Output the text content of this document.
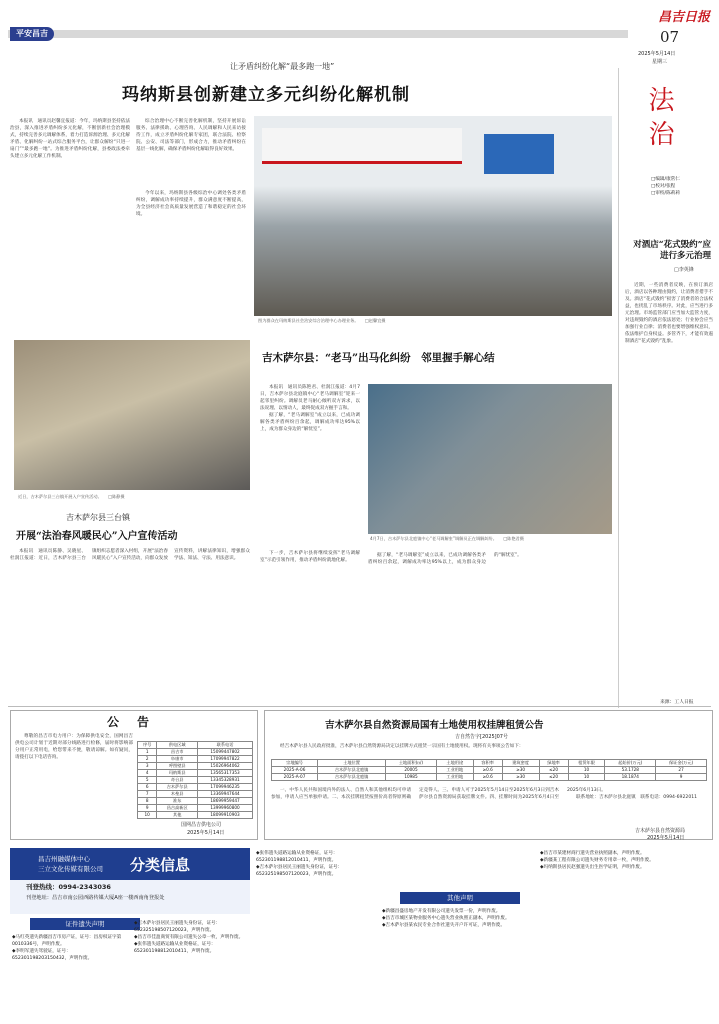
平安昌吉
昌吉日报
07
2025年5月14日
星期三
让矛盾纠纷化解“最多跑一地”
玛纳斯县创新建立多元纠纷化解机制

本报讯　通讯员赵馨宜报道：今年，玛纳斯县坚持依法治县，深入推进矛盾纠纷多元化解，不断创新社会治理模式，持续完善多元调解体系，着力打造诉源治理、多元化解矛盾、化解纠纷一站式综合服务平台，让群众解纷“只进一扇门”“最多跑一地”。为推进矛盾纠纷化解，县委政法委牵头建立多元化解工作机制。

综合治理中心不断完善化解机制，坚持开展诉讼服务、法律援助、心理咨询、人民调解和人民来访接待工作，成立矛盾纠纷化解专家团，联合法院、检察院、公安、司法等部门，形成合力，推动矛盾纠纷在基层一线化解，确保矛盾纠纷化解取得良好效果。

今年以来，玛纳斯县各级综治中心调处各类矛盾纠纷，调解成功率持续提升，群众满意度不断提高，为全县经济社会高质量发展营造了和谐稳定的社会环境。

图为群众在玛纳斯县社会治安综合治理中心办理业务。　　□赵馨宜摄
法治
□编辑/康常仁
□校对/张程
□审校/陈莉莉
对酒店“花式毁约”应进行多元治理
□李英锋

近期，一些消费者反映，在预订酒店后，酒店以各种理由毁约，让消费者措手不及。酒店“花式毁约”损害了消费者的合法权益，也扰乱了市场秩序。对此，应当进行多元治理。市场监管部门应当加大监管力度，对违规毁约的酒店依法惩处；行业协会应当加强行业自律；消费者也要增强维权意识，依法维护自身权益。多管齐下，才能有效遏制酒店“花式毁约”乱象。

近日，吉木萨尔县三台镇开展入户宣传活动。　　□陈静摄
吉木萨尔县三台镇
开展“法治春风暖民心”入户宣传活动

本报讯　通讯员陈静、吴晓星、杜润江报道：近日，吉木萨尔县三台镇组织志愿者深入村组，开展“法治春风暖民心”入户宣传活动，向群众发放宣传资料，讲解法律知识，增强群众学法、知法、守法、用法意识。

吉木萨尔县：“老马”出马化纠纷　邻里握手解心结

本报讯　通讯员陈艳君、杜润江报道：4月7日，吉木萨尔县北庭镇中心“老马调解室”迎来一起邻里纠纷。调解员老马耐心倾听双方诉求，以法说理、以情动人，最终促成双方握手言和。

据了解，“老马调解室”成立以来，已成功调解各类矛盾纠纷百余起，调解成功率达95%以上，成为群众身边的“解忧室”。

4月7日，吉木萨尔县北庭镇中心“老马调解室”调解员正在调解纠纷。　　□陈艳君摄

下一步，吉木萨尔县将继续发挥“老马调解室”示范引领作用，推动矛盾纠纷就地化解。

据了解，“老马调解室”成立以来，已成功调解各类矛盾纠纷百余起，调解成功率达95%以上，成为群众身边的“解忧室”。

来源：工人日报
公告

尊敬的昌吉市电力用户：为保障供电安全，国网昌吉供电公司计划于近期对部分线路进行检修，届时将影响部分用户正常用电，给您带来不便，敬请谅解。如有疑问，请拨打以下电话咨询。

序号	供电区域	联系电话
1	昌吉市	15099447802
2	阜康市	17099947822
3	呼图壁县	15026964062
4	玛纳斯县	13565317353
5	奇台县	13345328931
6	吉木萨尔县	17099946235
7	木垒县	13369947644
8	准东	18699959447
9	昌吉高新区	13999960800
10	其他	18099910903
国网昌吉供电公司
2025年5月14日
吉木萨尔县自然资源局国有土地使用权挂牌租赁公告
吉自然告字[2025]07号

经吉木萨尔县人民政府批准，吉木萨尔县自然资源局决定以挂牌方式租赁一宗国有土地使用权。现将有关事项公告如下：

宗地编号	土地位置	土地面积(㎡)	土地用途	容积率	建筑密度	绿地率	租赁年限	起始价(万元)	保证金(万元)
2025-A-06	吉木萨尔县北庭镇	20005	工业用地	≥0.6	≥30	≤20	10	53.1728	27
2025-A-07	吉木萨尔县北庭镇	10985	工业用地	≥0.6	≥30	≤20	10	18.1874	9

一、中华人民共和国境内外的法人、自然人和其他组织均可申请参加，申请人应当单独申请。二、本次挂牌租赁按照价高者得原则确定竞得人。三、申请人可于2025年5月14日至2025年6月3日到吉木萨尔县自然资源局获取挂牌文件。四、挂牌时间为2025年6月4日至2025年6月13日。

联系地址：吉木萨尔县北庭镇　联系电话：0994-6922011

吉木萨尔县自然资源局
2025年5月14日
昌吉州融媒体中心
三立文化传媒有限公司 分类信息
刊登热线：0994-2343036
刊登地址：昌吉市南公园西路传媒大厦A座一楼西南角登报处
证件遗失声明
◆马红英遗失新疆昌吉市房产证，证号：昌房权证字第0010336号，声明作废。
◆李明军遗失驾驶证，证号：652301198203150432，声明作废。
◆吉木萨尔县居民王丽遗失身份证，证号：652325198507120023，声明作废。
◆昌吉市佳盈商贸有限公司遗失公章一枚，声明作废。
◆张伟遗失道路运输从业资格证，证号：652301198812010411，声明作废。
◆张伟遗失道路运输从业资格证，证号：652301198812010411，声明作废。
◆吉木萨尔县居民王丽遗失身份证，证号：652325198507120023，声明作废。
其他声明
◆新疆昌盛房地产开发有限公司遗失发票一份，声明作废。
◆昌吉市城区某物业服务中心遗失营业执照正副本，声明作废。
◆吉木萨尔县某农民专业合作社遗失开户许可证，声明作废。
◆昌吉市某建材商行遗失营业执照副本，声明作废。
◆新疆某工程有限公司遗失财务专用章一枚，声明作废。
◆玛纳斯县居民赵强遗失出生医学证明，声明作废。
